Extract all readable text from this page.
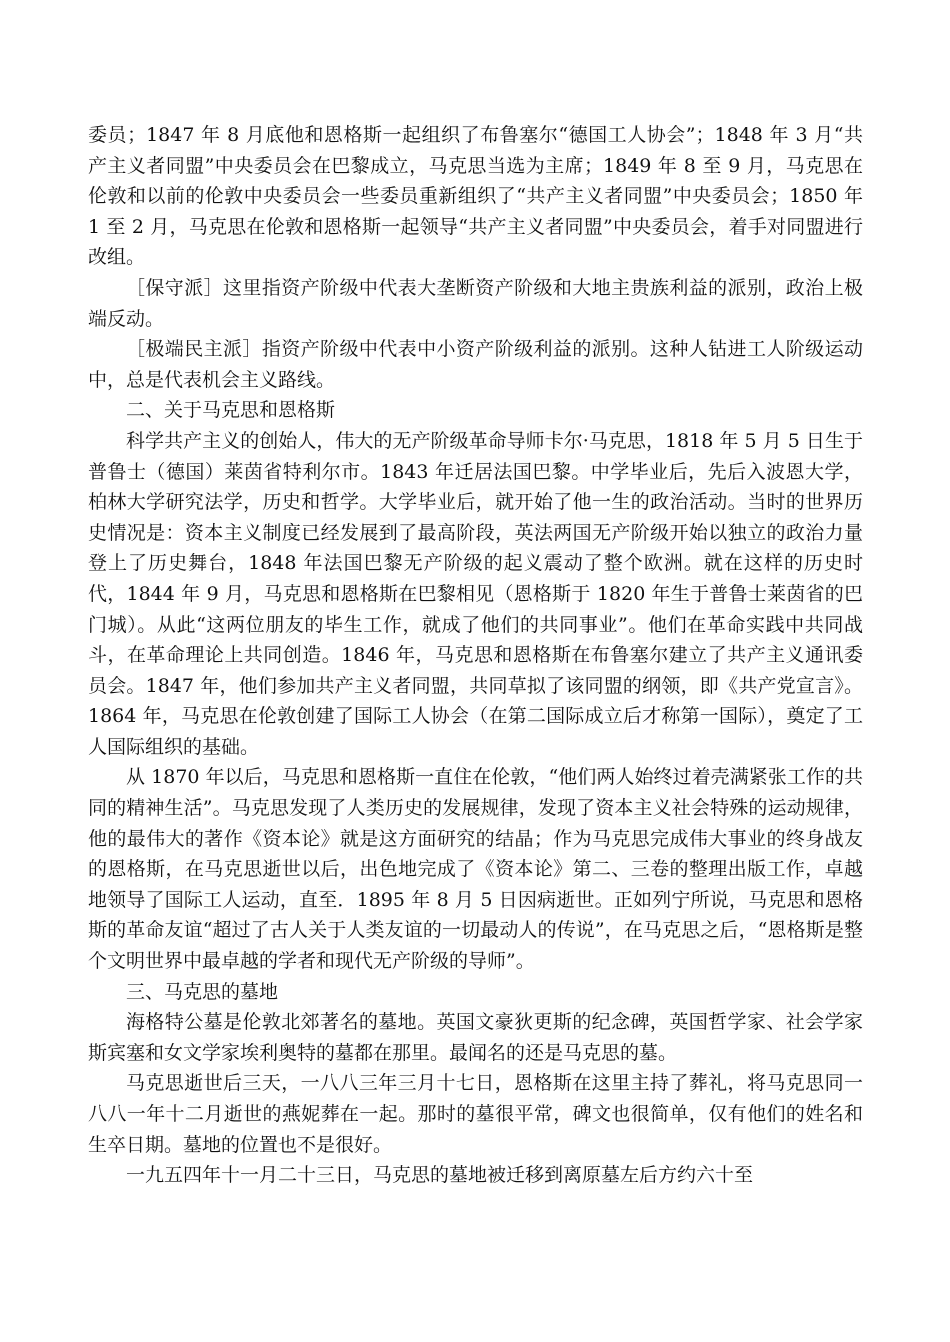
委员；1847 年 8 月底他和恩格斯一起组织了布鲁塞尔“德国工人协会”；1848 年 3 月“共产主义者同盟”中央委员会在巴黎成立，马克思当选为主席；1849 年 8 至 9 月，马克思在伦敦和以前的伦敦中央委员会一些委员重新组织了“共产主义者同盟”中央委员会；1850 年 1 至 2 月，马克思在伦敦和恩格斯一起领导“共产主义者同盟”中央委员会，着手对同盟进行改组。

［保守派］这里指资产阶级中代表大垄断资产阶级和大地主贵族利益的派别，政治上极端反动。

［极端民主派］指资产阶级中代表中小资产阶级利益的派别。这种人钻进工人阶级运动中，总是代表机会主义路线。

二、关于马克思和恩格斯

科学共产主义的创始人，伟大的无产阶级革命导师卡尔·马克思，1818 年 5 月 5 日生于普鲁士（德国）莱茵省特利尔市。1843 年迁居法国巴黎。中学毕业后，先后入波恩大学，柏林大学研究法学，历史和哲学。大学毕业后，就开始了他一生的政治活动。当时的世界历史情况是：资本主义制度已经发展到了最高阶段，英法两国无产阶级开始以独立的政治力量登上了历史舞台，1848 年法国巴黎无产阶级的起义震动了整个欧洲。就在这样的历史时代，1844 年 9 月，马克思和恩格斯在巴黎相见（恩格斯于 1820 年生于普鲁士莱茵省的巴门城）。从此“这两位朋友的毕生工作，就成了他们的共同事业”。他们在革命实践中共同战斗，在革命理论上共同创造。1846 年，马克思和恩格斯在布鲁塞尔建立了共产主义通讯委员会。1847 年，他们参加共产主义者同盟，共同草拟了该同盟的纲领，即《共产党宣言》。1864 年，马克思在伦敦创建了国际工人协会（在第二国际成立后才称第一国际），奠定了工人国际组织的基础。

从 1870 年以后，马克思和恩格斯一直住在伦敦，“他们两人始终过着壳满紧张工作的共同的精神生活”。马克思发现了人类历史的发展规律，发现了资本主义社会特殊的运动规律，他的最伟大的著作《资本论》就是这方面研究的结晶；作为马克思完成伟大事业的终身战友的恩格斯，在马克思逝世以后，出色地完成了《资本论》第二、三卷的整理出版工作，卓越地领导了国际工人运动，直至．1895 年 8 月 5 日因病逝世。正如列宁所说，马克思和恩格斯的革命友谊“超过了古人关于人类友谊的一切最动人的传说”，在马克思之后，“恩格斯是整个文明世界中最卓越的学者和现代无产阶级的导师”。

三、马克思的墓地

海格特公墓是伦敦北郊著名的墓地。英国文豪狄更斯的纪念碑，英国哲学家、社会学家斯宾塞和女文学家埃利奥特的墓都在那里。最闻名的还是马克思的墓。

马克思逝世后三天，一八八三年三月十七日，恩格斯在这里主持了葬礼，将马克思同一八八一年十二月逝世的燕妮葬在一起。那时的墓很平常，碑文也很简单，仅有他们的姓名和生卒日期。墓地的位置也不是很好。

一九五四年十一月二十三日，马克思的墓地被迁移到离原墓左后方约六十至
